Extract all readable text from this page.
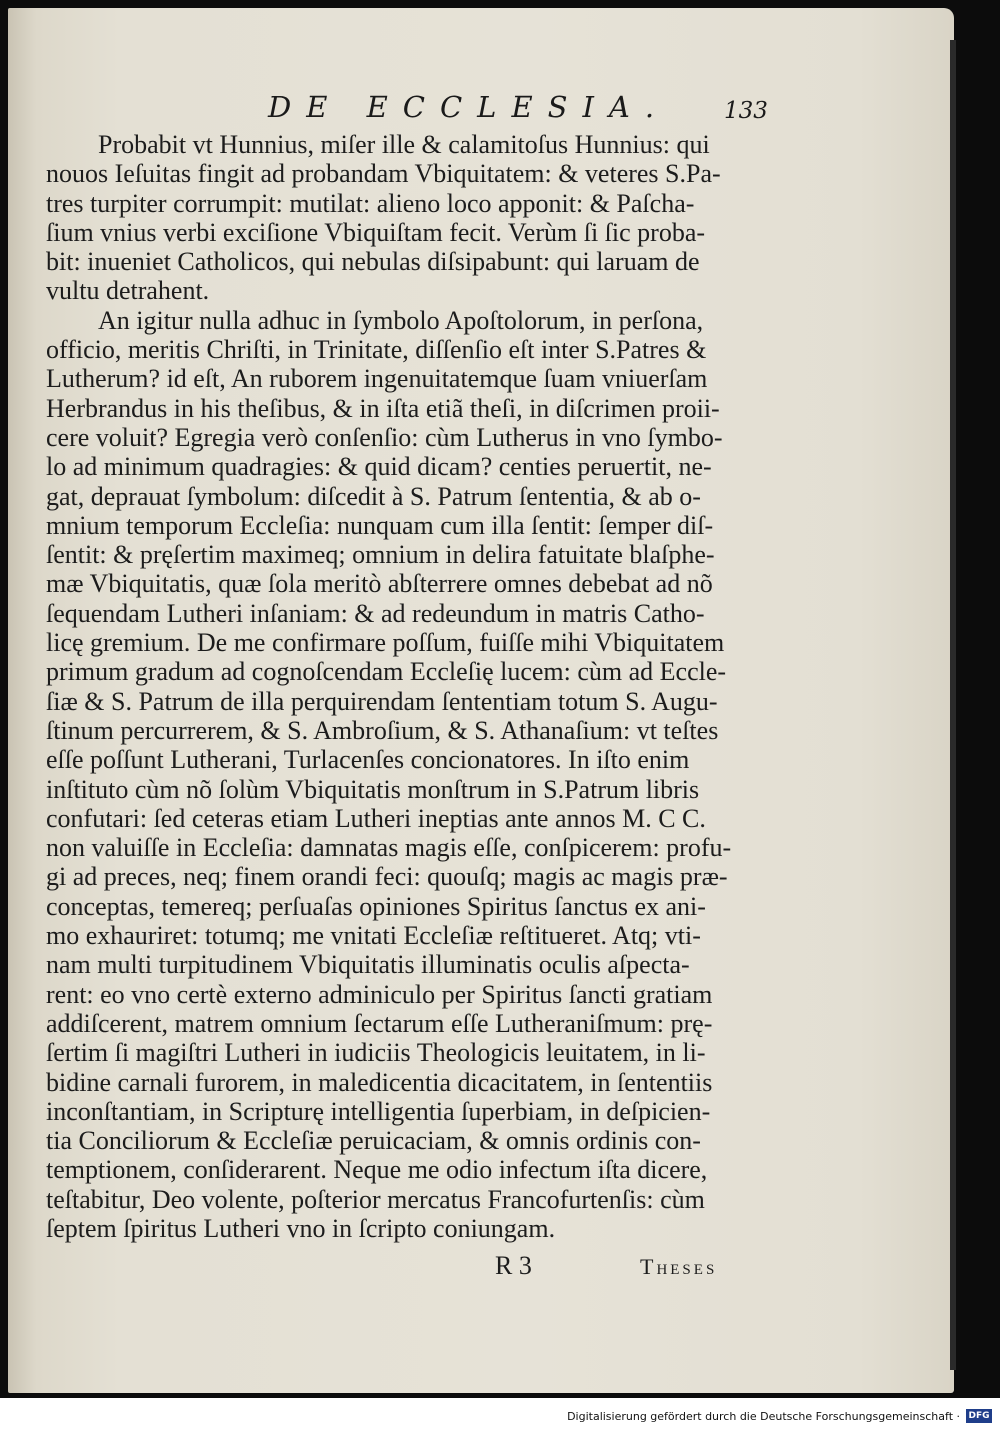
DE ECCLESIA. 133
Probabit vt Hunnius, miſer ille & calamitoſus Hunnius: qui
nouos Ieſuitas fingit ad probandam Vbiquitatem: & veteres S.Pa-
tres turpiter corrumpit: mutilat: alieno loco apponit: & Paſcha-
ſium vnius verbi exciſione Vbiquiſtam fecit. Verùm ſi ſic proba-
bit: inueniet Catholicos, qui nebulas diſsipabunt: qui laruam de
vultu detrahent.
An igitur nulla adhuc in ſymbolo Apoſtolorum, in perſona,
officio, meritis Chriſti, in Trinitate, diſſenſio eſt inter S.Patres &
Lutherum? id eſt, An ruborem ingenuitatemque ſuam vniuerſam
Herbrandus in his theſibus, & in iſta etiã theſi, in diſcrimen proii-
cere voluit? Egregia verò conſenſio: cùm Lutherus in vno ſymbo-
lo ad minimum quadragies: & quid dicam? centies peruertit, ne-
gat, deprauat ſymbolum: diſcedit à S. Patrum ſententia, & ab o-
mnium temporum Eccleſia: nunquam cum illa ſentit: ſemper diſ-
ſentit: & pręſertim maximeq; omnium in delira fatuitate blaſphe-
mæ Vbiquitatis, quæ ſola meritò abſterrere omnes debebat ad nõ
ſequendam Lutheri inſaniam: & ad redeundum in matris Catho-
licę gremium. De me confirmare poſſum, fuiſſe mihi Vbiquitatem
primum gradum ad cognoſcendam Eccleſię lucem: cùm ad Eccle-
ſiæ & S. Patrum de illa perquirendam ſententiam totum S. Augu-
ſtinum percurrerem, & S. Ambroſium, & S. Athanaſium: vt teſtes
eſſe poſſunt Lutherani, Turlacenſes concionatores. In iſto enim
inſtituto cùm nõ ſolùm Vbiquitatis monſtrum in S.Patrum libris
confutari: ſed ceteras etiam Lutheri ineptias ante annos M. C C.
non valuiſſe in Eccleſia: damnatas magis eſſe, conſpicerem: profu-
gi ad preces, neq; finem orandi feci: quouſq; magis ac magis præ-
conceptas, temereq; perſuaſas opiniones Spiritus ſanctus ex ani-
mo exhauriret: totumq; me vnitati Eccleſiæ reſtitueret. Atq; vti-
nam multi turpitudinem Vbiquitatis illuminatis oculis aſpecta-
rent: eo vno certè externo adminiculo per Spiritus ſancti gratiam
addiſcerent, matrem omnium ſectarum eſſe Lutheraniſmum: prę-
ſertim ſi magiſtri Lutheri in iudiciis Theologicis leuitatem, in li-
bidine carnali furorem, in maledicentia dicacitatem, in ſententiis
inconſtantiam, in Scripturę intelligentia ſuperbiam, in deſpicien-
tia Conciliorum & Eccleſiæ peruicaciam, & omnis ordinis con-
temptionem, conſiderarent. Neque me odio infectum iſta dicere,
teſtabitur, Deo volente, poſterior mercatus Francofurtenſis: cùm
ſeptem ſpiritus Lutheri vno in ſcripto coniungam.
R 3	Theses
Digitalisierung gefördert durch die Deutsche Forschungsgemeinschaft · DFG
